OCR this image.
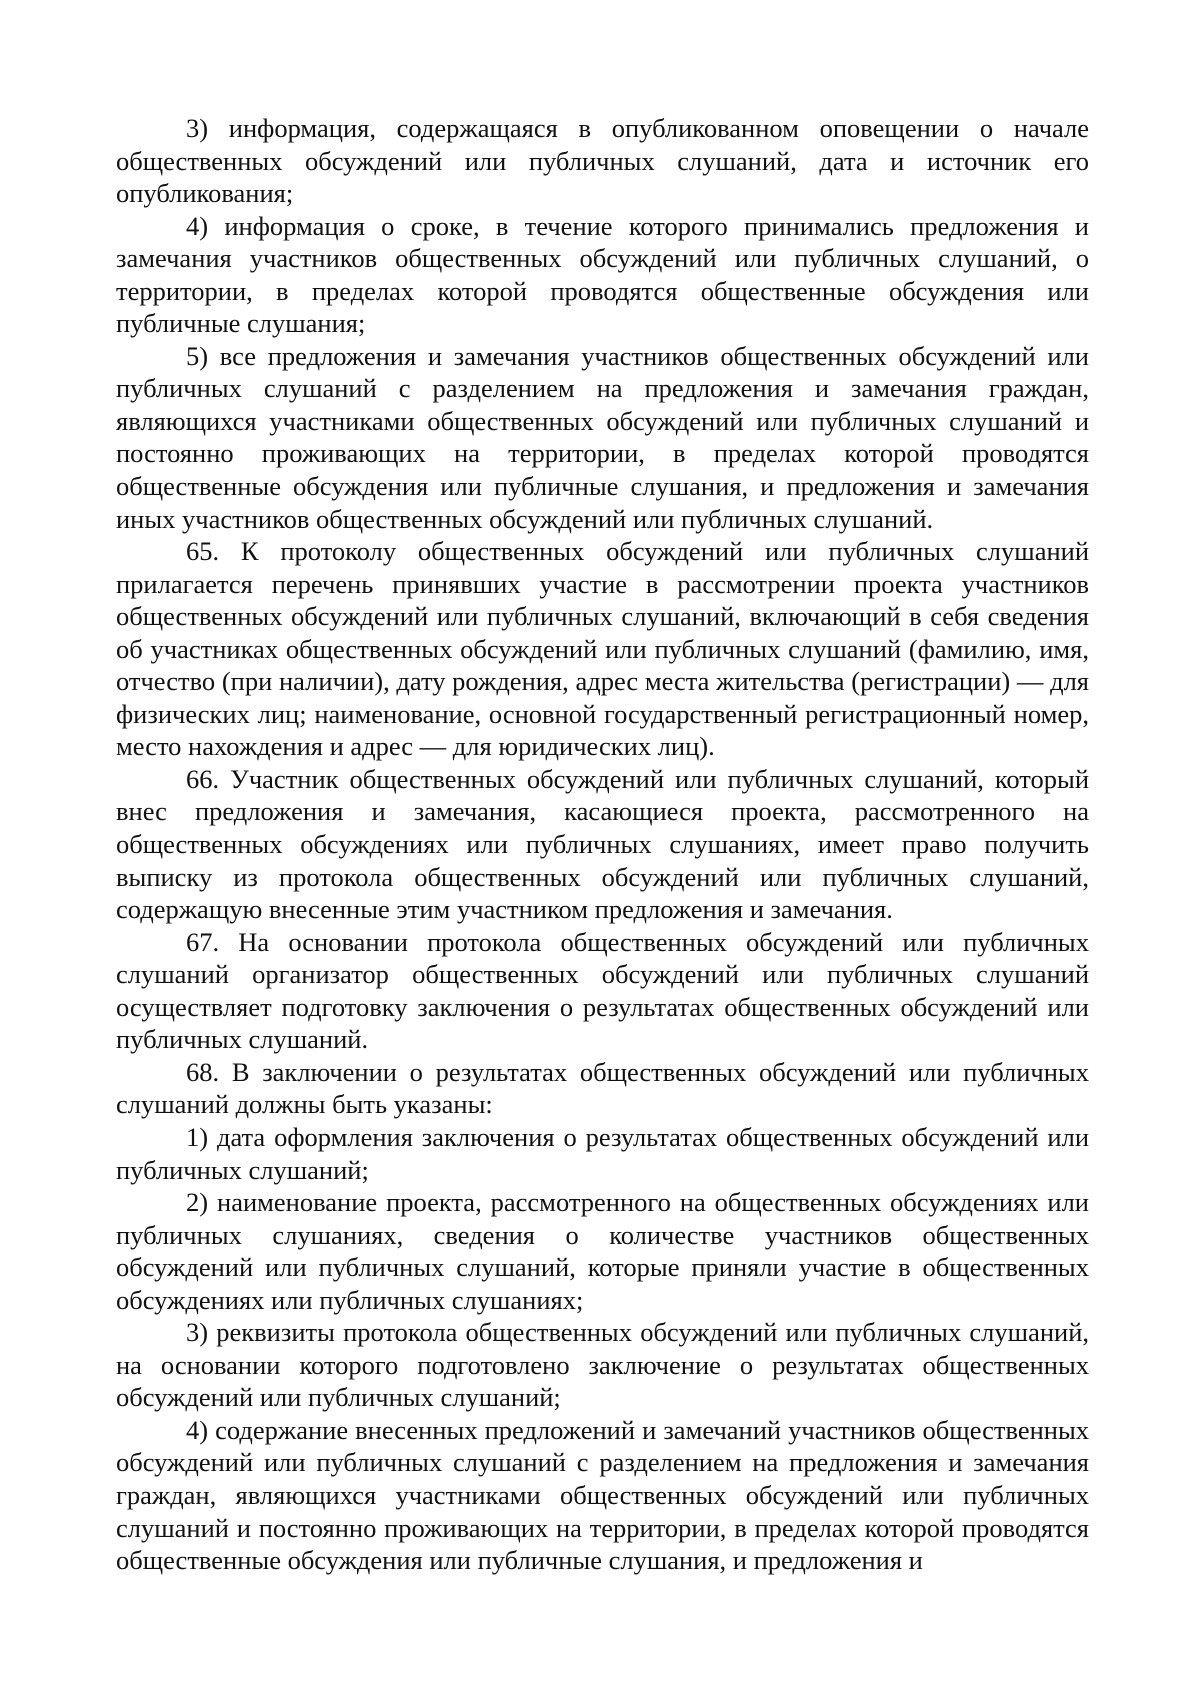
3) информация, содержащаяся в опубликованном оповещении о начале общественных обсуждений или публичных слушаний, дата и источник его опубликования;

4) информация о сроке, в течение которого принимались предложения и замечания участников общественных обсуждений или публичных слушаний, о территории, в пределах которой проводятся общественные обсуждения или публичные слушания;

5) все предложения и замечания участников общественных обсуждений или публичных слушаний с разделением на предложения и замечания граждан, являющихся участниками общественных обсуждений или публичных слушаний и постоянно проживающих на территории, в пределах которой проводятся общественные обсуждения или публичные слушания, и предложения и замечания иных участников общественных обсуждений или публичных слушаний.

65. К протоколу общественных обсуждений или публичных слушаний прилагается перечень принявших участие в рассмотрении проекта участников общественных обсуждений или публичных слушаний, включающий в себя сведения об участниках общественных обсуждений или публичных слушаний (фамилию, имя, отчество (при наличии), дату рождения, адрес места жительства (регистрации) — для физических лиц; наименование, основной государственный регистрационный номер, место нахождения и адрес — для юридических лиц).

66. Участник общественных обсуждений или публичных слушаний, который внес предложения и замечания, касающиеся проекта, рассмотренного на общественных обсуждениях или публичных слушаниях, имеет право получить выписку из протокола общественных обсуждений или публичных слушаний, содержащую внесенные этим участником предложения и замечания.

67. На основании протокола общественных обсуждений или публичных слушаний организатор общественных обсуждений или публичных слушаний осуществляет подготовку заключения о результатах общественных обсуждений или публичных слушаний.

68. В заключении о результатах общественных обсуждений или публичных слушаний должны быть указаны:

1) дата оформления заключения о результатах общественных обсуждений или публичных слушаний;

2) наименование проекта, рассмотренного на общественных обсуждениях или публичных слушаниях, сведения о количестве участников общественных обсуждений или публичных слушаний, которые приняли участие в общественных обсуждениях или публичных слушаниях;

3) реквизиты протокола общественных обсуждений или публичных слушаний, на основании которого подготовлено заключение о результатах общественных обсуждений или публичных слушаний;

4) содержание внесенных предложений и замечаний участников общественных обсуждений или публичных слушаний с разделением на предложения и замечания граждан, являющихся участниками общественных обсуждений или публичных слушаний и постоянно проживающих на территории, в пределах которой проводятся общественные обсуждения или публичные слушания, и предложения и
